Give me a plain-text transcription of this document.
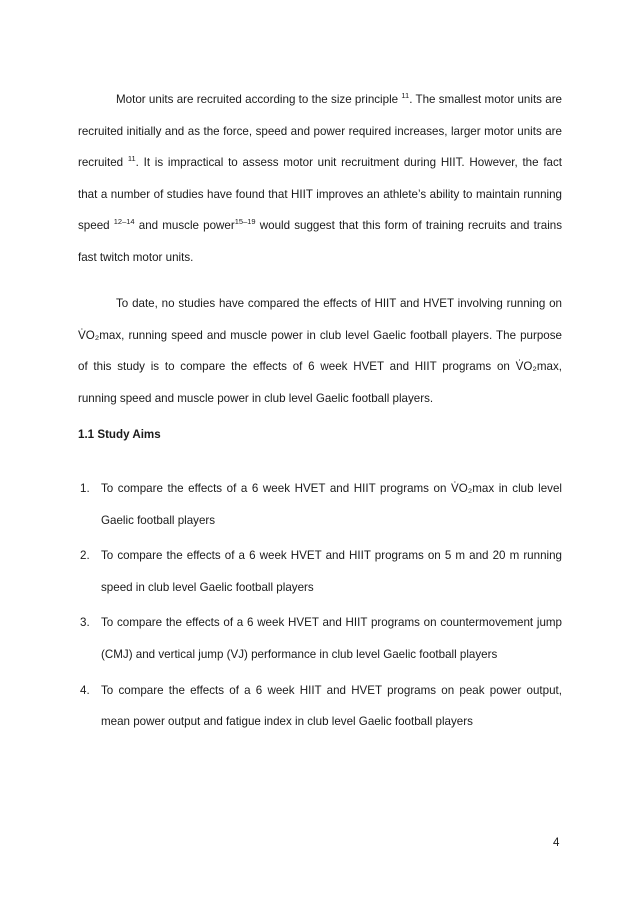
Motor units are recruited according to the size principle $^{11}$. The smallest motor units are recruited initially and as the force, speed and power required increases, larger motor units are recruited $^{11}$. It is impractical to assess motor unit recruitment during HIIT. However, the fact that a number of studies have found that HIIT improves an athlete’s ability to maintain running speed $^{12-14}$ and muscle power$^{15-19}$ would suggest that this form of training recruits and trains fast twitch motor units.

To date, no studies have compared the effects of HIIT and HVET involving running on V̇O₂max, running speed and muscle power in club level Gaelic football players. The purpose of this study is to compare the effects of 6 week HVET and HIIT programs on V̇O₂max, running speed and muscle power in club level Gaelic football players.

1.1 Study Aims

1. To compare the effects of a 6 week HVET and HIIT programs on V̇O₂max in club level Gaelic football players
2. To compare the effects of a 6 week HVET and HIIT programs on 5 m and 20 m running speed in club level Gaelic football players
3. To compare the effects of a 6 week HVET and HIIT programs on countermovement jump (CMJ) and vertical jump (VJ) performance in club level Gaelic football players
4. To compare the effects of a 6 week HIIT and HVET programs on peak power output, mean power output and fatigue index in club level Gaelic football players
4
